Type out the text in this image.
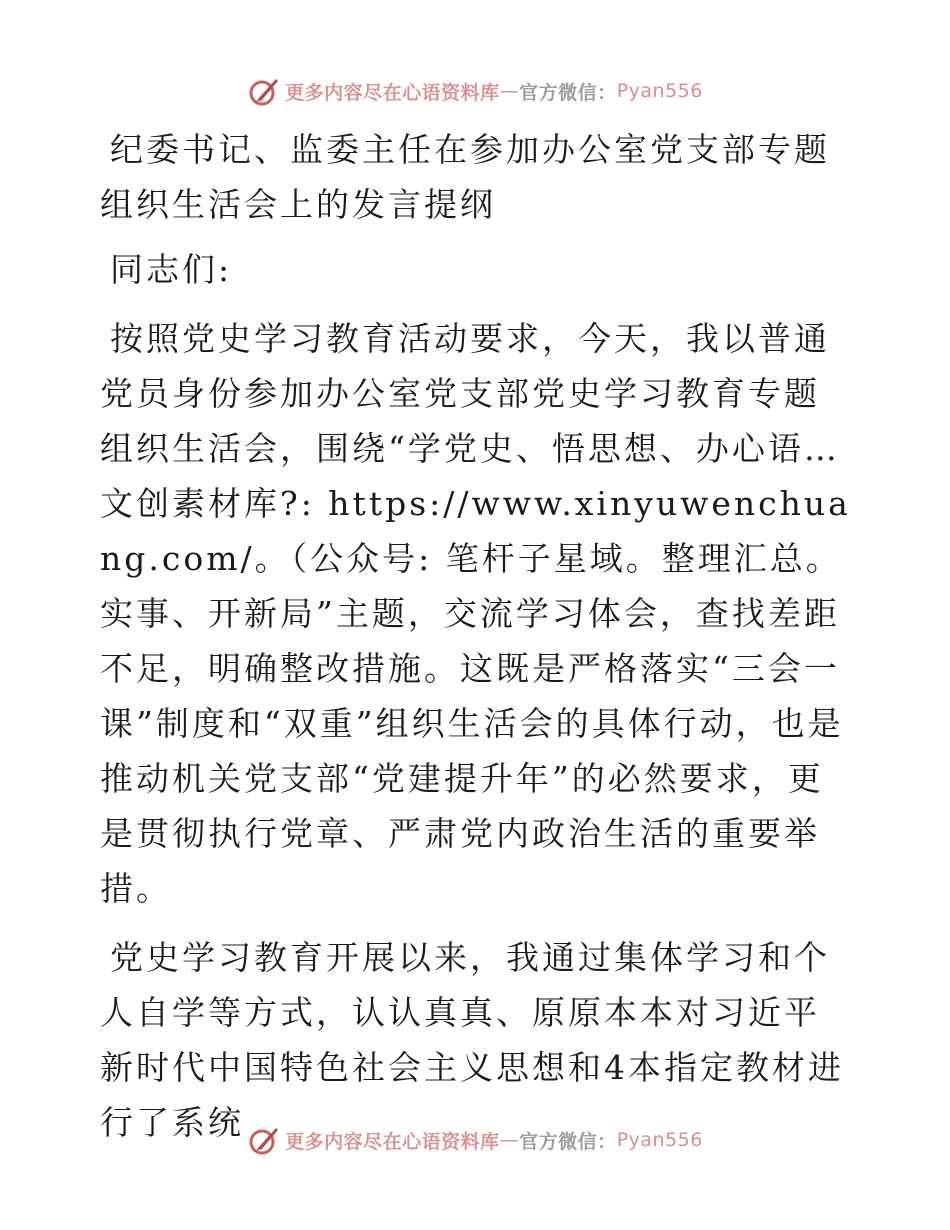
更多内容尽在心语资料库 — 官方微信： Pyan556

纪委书记、监委主任在参加办公室党支部专题组织生活会上的发言提纲

同志们:

按照党史学习教育活动要求，今天，我以普通党员身份参加办公室党支部党史学习教育专题组织生活会，围绕“学党史、悟思想、办心语…文创素材库?: https://www.xinyuwenchuang.com/。（公众号: 笔杆子星域。整理汇总。实事、开新局”主题，交流学习体会，查找差距不足，明确整改措施。这既是严格落实“三会一课”制度和“双重”组织生活会的具体行动，也是推动机关党支部“党建提升年”的必然要求，更是贯彻执行党章、严肃党内政治生活的重要举措。

党史学习教育开展以来，我通过集体学习和个人自学等方式，认认真真、原原本本对习近平新时代中国特色社会主义思想和4本指定教材进行了系统	更多内容尽在心语资料库 — 官方微信： Pyan556
